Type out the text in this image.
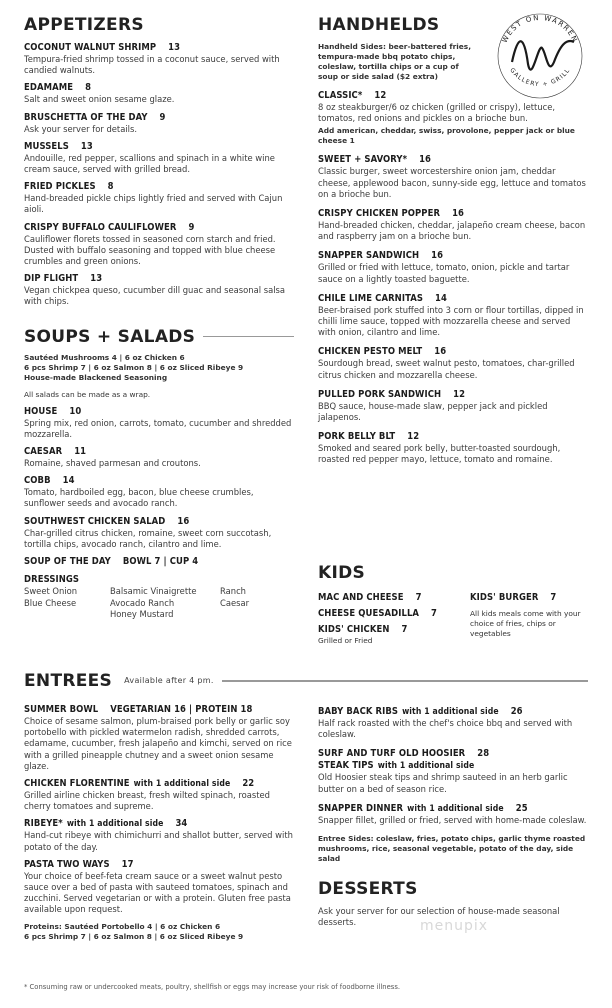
APPETIZERS
COCONUT WALNUT SHRIMP 13
Tempura-fried shrimp tossed in a coconut sauce, served with candied walnuts.
EDAMAME 8
Salt and sweet onion sesame glaze.
BRUSCHETTA OF THE DAY 9
Ask your server for details.
MUSSELS 13
Andouille, red pepper, scallions and spinach in a white wine cream sauce, served with grilled bread.
FRIED PICKLES 8
Hand-breaded pickle chips lightly fried and served with Cajun aioli.
CRISPY BUFFALO CAULIFLOWER 9
Cauliflower florets tossed in seasoned corn starch and fried. Dusted with buffalo seasoning and topped with blue cheese crumbles and green onions.
DIP FLIGHT 13
Vegan chickpea queso, cucumber dill guac and seasonal salsa with chips.
SOUPS + SALADS
Sautéed Mushrooms 4 | 6 oz Chicken 6
6 pcs Shrimp 7 | 6 oz Salmon 8 | 6 oz Sliced Ribeye 9
House-made Blackened Seasoning
All salads can be made as a wrap.
HOUSE 10
Spring mix, red onion, carrots, tomato, cucumber and shredded mozzarella.
CAESAR 11
Romaine, shaved parmesan and croutons.
COBB 14
Tomato, hardboiled egg, bacon, blue cheese crumbles, sunflower seeds and avocado ranch.
SOUTHWEST CHICKEN SALAD 16
Char-grilled citrus chicken, romaine, sweet corn succotash, tortilla chips, avocado ranch, cilantro and lime.
SOUP OF THE DAY BOWL 7 | CUP 4
DRESSINGS
Sweet Onion	Balsamic Vinaigrette	Ranch
Blue Cheese	Avocado Ranch	Caesar
Honey Mustard
WEST ON WARREN
GALLERY + GRILL
HANDHELDS
Handheld Sides: beer-battered fries, tempura-made bbq potato chips, coleslaw, tortilla chips or a cup of soup or side salad ($2 extra)
CLASSIC* 12
8 oz steakburger/6 oz chicken (grilled or crispy), lettuce, tomatos, red onions and pickles on a brioche bun.
Add american, cheddar, swiss, provolone, pepper jack or blue cheese 1
SWEET + SAVORY* 16
Classic burger, sweet worcestershire onion jam, cheddar cheese, applewood bacon, sunny-side egg, lettuce and tomatos on a brioche bun.
CRISPY CHICKEN POPPER 16
Hand-breaded chicken, cheddar, jalapeño cream cheese, bacon and raspberry jam on a brioche bun.
SNAPPER SANDWICH 16
Grilled or fried with lettuce, tomato, onion, pickle and tartar sauce on a lightly toasted baguette.
CHILE LIME CARNITAS 14
Beer-braised pork stuffed into 3 corn or flour tortillas, dipped in chilli lime sauce, topped with mozzarella cheese and served with onion, cilantro and lime.
CHICKEN PESTO MELT 16
Sourdough bread, sweet walnut pesto, tomatoes, char-grilled citrus chicken and mozzarella cheese.
PULLED PORK SANDWICH 12
BBQ sauce, house-made slaw, pepper jack and pickled jalapenos.
PORK BELLY BLT 12
Smoked and seared pork belly, butter-toasted sourdough, roasted red pepper mayo, lettuce, tomato and romaine.
KIDS
MAC AND CHEESE 7
CHEESE QUESADILLA 7
KIDS' CHICKEN 7
Grilled or Fried
KIDS' BURGER 7
All kids meals come with your choice of fries, chips or vegetables
ENTREES Available after 4 pm.
SUMMER BOWL VEGETARIAN 16 | PROTEIN 18
Choice of sesame salmon, plum-braised pork belly or garlic soy portobello with pickled watermelon radish, shredded carrots, edamame, cucumber, fresh jalapeño and kimchi, served on rice with a grilled pineapple chutney and a sweet onion sesame glaze.
CHICKEN FLORENTINE with 1 additional side 22
Grilled airline chicken breast, fresh wilted spinach, roasted cherry tomatoes and supreme.
RIBEYE* with 1 additional side 34
Hand-cut ribeye with chimichurri and shallot butter, served with potato of the day.
PASTA TWO WAYS 17
Your choice of beef-feta cream sauce or a sweet walnut pesto sauce over a bed of pasta with sauteed tomatoes, spinach and zucchini. Served vegetarian or with a protein. Gluten free pasta available upon request.
Proteins: Sautéed Portobello 4 | 6 oz Chicken 6
6 pcs Shrimp 7 | 6 oz Salmon 8 | 6 oz Sliced Ribeye 9
BABY BACK RIBS with 1 additional side 26
Half rack roasted with the chef's choice bbq and served with coleslaw.
SURF AND TURF OLD HOOSIER 28
STEAK TIPS with 1 additional side
Old Hoosier steak tips and shrimp sauteed in an herb garlic butter on a bed of season rice.
SNAPPER DINNER with 1 additional side 25
Snapper fillet, grilled or fried, served with home-made coleslaw.
Entree Sides: coleslaw, fries, potato chips, garlic thyme roasted mushrooms, rice, seasonal vegetable, potato of the day, side salad
DESSERTS
Ask your server for our selection of house-made seasonal desserts.	menupix
* Consuming raw or undercooked meats, poultry, shellfish or eggs may increase your risk of foodborne illness.
